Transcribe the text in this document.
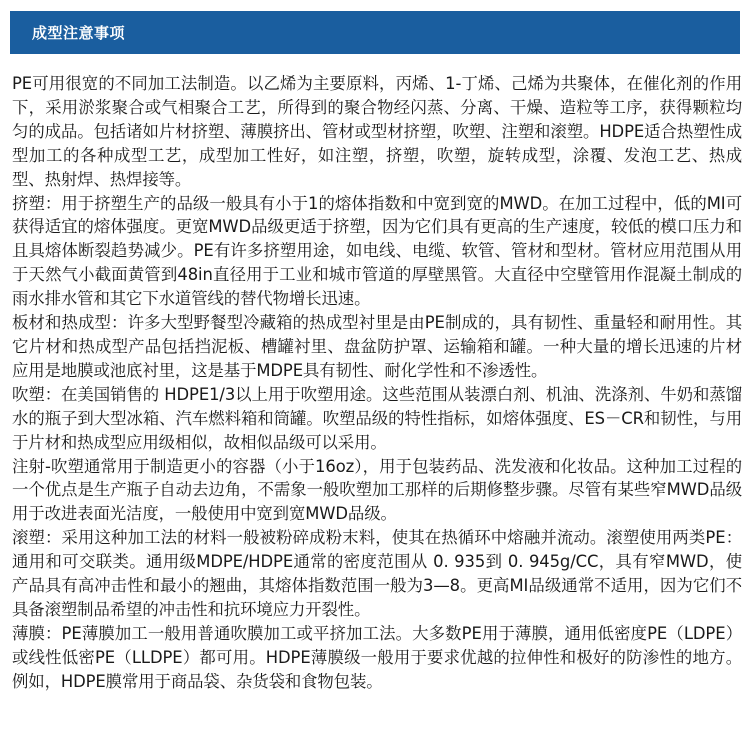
成型注意事项

PE可用很宽的不同加工法制造。以乙烯为主要原料，丙烯、1-丁烯、己烯为共聚体，在催化剂的作用下，采用淤浆聚合或气相聚合工艺，所得到的聚合物经闪蒸、分离、干燥、造粒等工序，获得颗粒均匀的成品。包括诸如片材挤塑、薄膜挤出、管材或型材挤塑，吹塑、注塑和滚塑。HDPE适合热塑性成型加工的各种成型工艺，成型加工性好，如注塑，挤塑，吹塑，旋转成型，涂覆、发泡工艺、热成型、热射焊、热焊接等。

挤塑：用于挤塑生产的品级一般具有小于1的熔体指数和中宽到宽的MWD。在加工过程中，低的MI可获得适宜的熔体强度。更宽MWD品级更适于挤塑，因为它们具有更高的生产速度，较低的模口压力和且具熔体断裂趋势减少。PE有许多挤塑用途，如电线、电缆、软管、管材和型材。管材应用范围从用于天然气小截面黄管到48in直径用于工业和城市管道的厚壁黑管。大直径中空壁管用作混凝土制成的雨水排水管和其它下水道管线的替代物增长迅速。

板材和热成型：许多大型野餐型冷藏箱的热成型衬里是由PE制成的，具有韧性、重量轻和耐用性。其它片材和热成型产品包括挡泥板、槽罐衬里、盘盆防护罩、运输箱和罐。一种大量的增长迅速的片材应用是地膜或池底衬里，这是基于MDPE具有韧性、耐化学性和不渗透性。

吹塑：在美国销售的 HDPE1/3以上用于吹塑用途。这些范围从装漂白剂、机油、洗涤剂、牛奶和蒸馏水的瓶子到大型冰箱、汽车燃料箱和筒罐。吹塑品级的特性指标，如熔体强度、ES－CR和韧性，与用于片材和热成型应用级相似，故相似品级可以采用。

注射-吹塑通常用于制造更小的容器（小于16oz），用于包装药品、洗发液和化妆品。这种加工过程的一个优点是生产瓶子自动去边角，不需象一般吹塑加工那样的后期修整步骤。尽管有某些窄MWD品级用于改进表面光洁度，一般使用中宽到宽MWD品级。

滚塑：采用这种加工法的材料一般被粉碎成粉末料，使其在热循环中熔融并流动。滚塑使用两类PE：通用和可交联类。通用级MDPE/HDPE通常的密度范围从 0. 935到 0. 945g/CC，具有窄MWD，使产品具有高冲击性和最小的翘曲，其熔体指数范围一般为3—8。更高MI品级通常不适用，因为它们不具备滚塑制品希望的冲击性和抗环境应力开裂性。

薄膜：PE薄膜加工一般用普通吹膜加工或平挤加工法。大多数PE用于薄膜，通用低密度PE（LDPE）或线性低密PE（LLDPE）都可用。HDPE薄膜级一般用于要求优越的拉伸性和极好的防渗性的地方。例如，HDPE膜常用于商品袋、杂货袋和食物包装。
